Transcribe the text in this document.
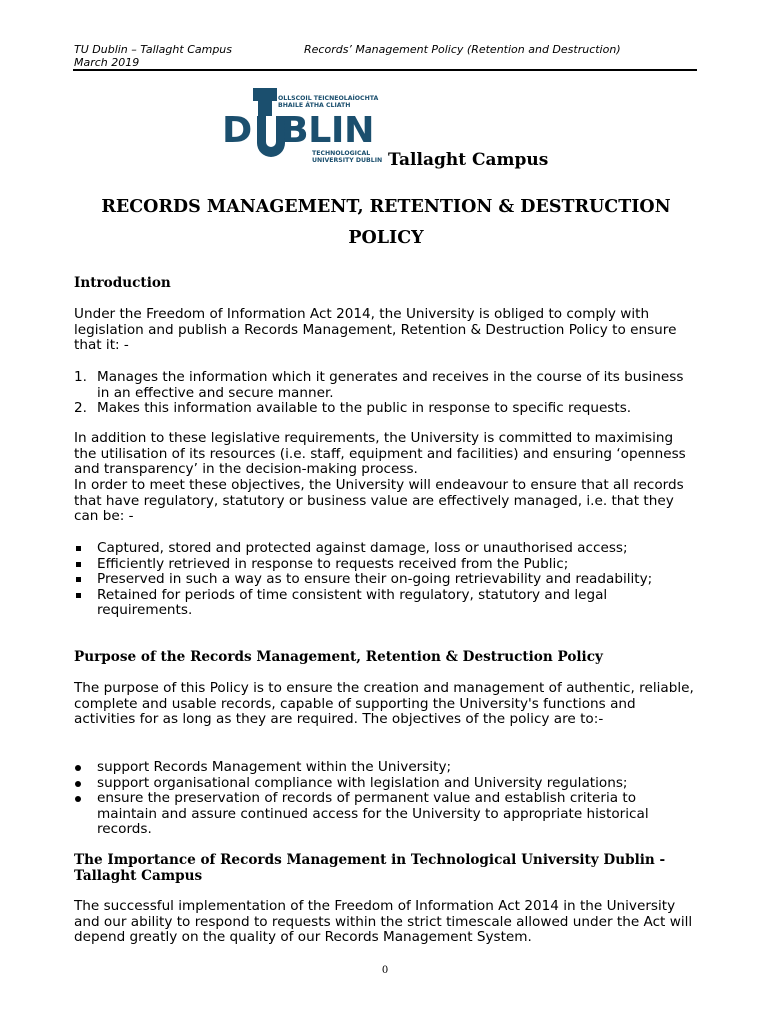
TU Dublin – Tallaght Campus
March 2019
Records’ Management Policy (Retention and Destruction)
OLLSCOIL TEICNEOLAÍOCHTA
BHAILE ÁTHA CLIATH
DUBLIN
TECHNOLOGICAL
UNIVERSITY DUBLIN Tallaght Campus
RECORDS MANAGEMENT, RETENTION & DESTRUCTION
POLICY
Introduction

Under the Freedom of Information Act 2014, the University is obliged to comply with legislation and publish a Records Management, Retention & Destruction Policy to ensure that it: -

1. Manages the information which it generates and receives in the course of its business in an effective and secure manner.
2. Makes this information available to the public in response to specific requests.

In addition to these legislative requirements, the University is committed to maximising the utilisation of its resources (i.e. staff, equipment and facilities) and ensuring ‘openness and transparency’ in the decision-making process.

In order to meet these objectives, the University will endeavour to ensure that all records that have regulatory, statutory or business value are effectively managed, i.e. that they can be: -

Captured, stored and protected against damage, loss or unauthorised access;
Efficiently retrieved in response to requests received from the Public;
Preserved in such a way as to ensure their on-going retrievability and readability;
Retained for periods of time consistent with regulatory, statutory and legal requirements.
Purpose of the Records Management, Retention & Destruction Policy

The purpose of this Policy is to ensure the creation and management of authentic, reliable, complete and usable records, capable of supporting the University's functions and activities for as long as they are required. The objectives of the policy are to:-

support Records Management within the University;
support organisational compliance with legislation and University regulations;
ensure the preservation of records of permanent value and establish criteria to maintain and assure continued access for the University to appropriate historical records.
The Importance of Records Management in Technological University Dublin - Tallaght Campus

The successful implementation of the Freedom of Information Act 2014 in the University and our ability to respond to requests within the strict timescale allowed under the Act will depend greatly on the quality of our Records Management System.

0
